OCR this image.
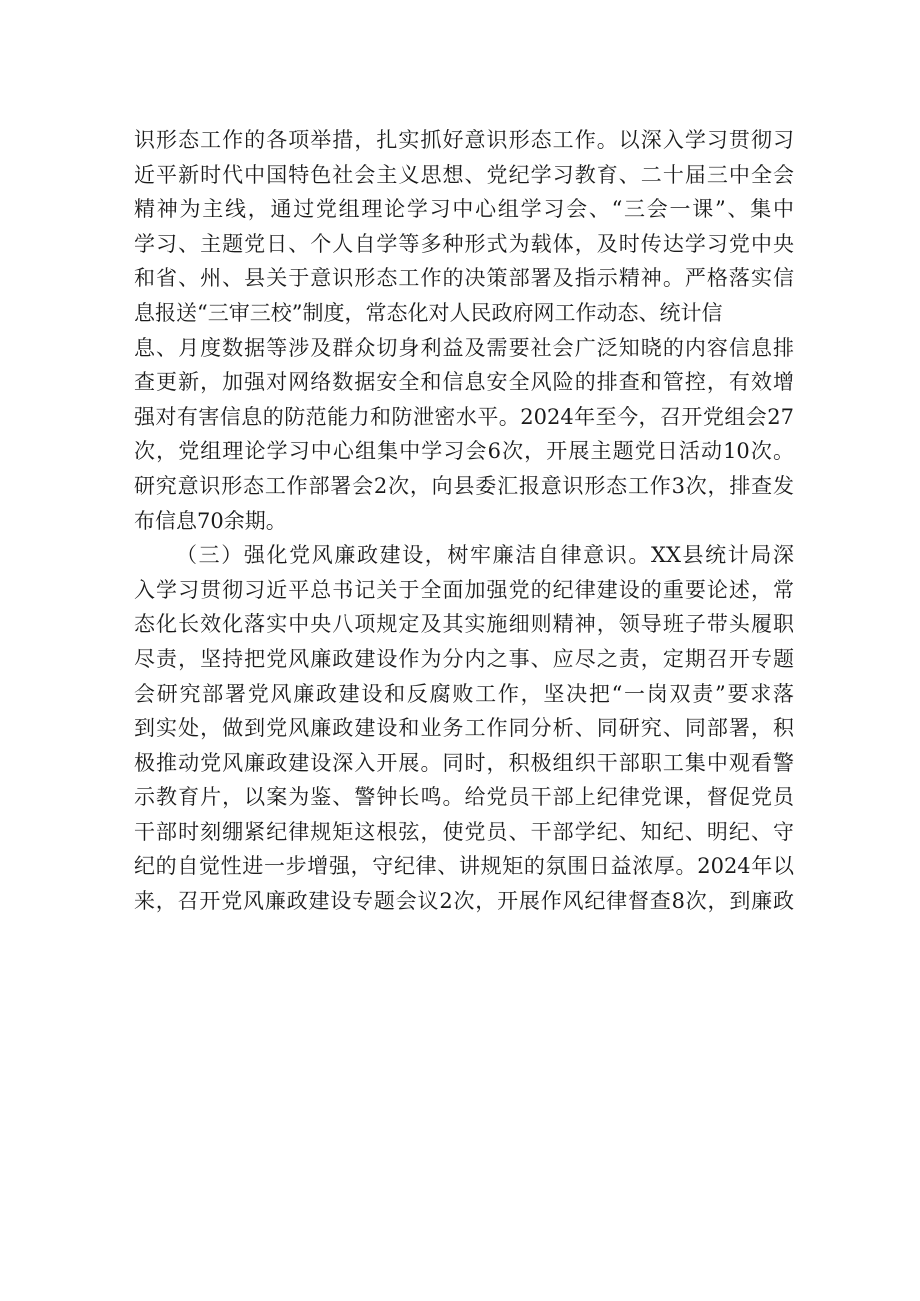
识形态工作的各项举措，扎实抓好意识形态工作。以深入学习贯彻习
近平新时代中国特色社会主义思想、党纪学习教育、二十届三中全会
精神为主线，通过党组理论学习中心组学习会、“三会一课”、集中
学习、主题党日、个人自学等多种形式为载体，及时传达学习党中央
和省、州、县关于意识形态工作的决策部署及指示精神。严格落实信
息报送“三审三校”制度，常态化对人民政府网工作动态、统计信
息、月度数据等涉及群众切身利益及需要社会广泛知晓的内容信息排
查更新，加强对网络数据安全和信息安全风险的排查和管控，有效增
强对有害信息的防范能力和防泄密水平。2024年至今，召开党组会27
次，党组理论学习中心组集中学习会6次，开展主题党日活动10次。
研究意识形态工作部署会2次，向县委汇报意识形态工作3次，排查发
布信息70余期。
（三）强化党风廉政建设，树牢廉洁自律意识。XX县统计局深
入学习贯彻习近平总书记关于全面加强党的纪律建设的重要论述，常
态化长效化落实中央八项规定及其实施细则精神，领导班子带头履职
尽责，坚持把党风廉政建设作为分内之事、应尽之责，定期召开专题
会研究部署党风廉政建设和反腐败工作，坚决把“一岗双责”要求落
到实处，做到党风廉政建设和业务工作同分析、同研究、同部署，积
极推动党风廉政建设深入开展。同时，积极组织干部职工集中观看警
示教育片，以案为鉴、警钟长鸣。给党员干部上纪律党课，督促党员
干部时刻绷紧纪律规矩这根弦，使党员、干部学纪、知纪、明纪、守
纪的自觉性进一步增强，守纪律、讲规矩的氛围日益浓厚。2024年以
来，召开党风廉政建设专题会议2次，开展作风纪律督查8次，到廉政
